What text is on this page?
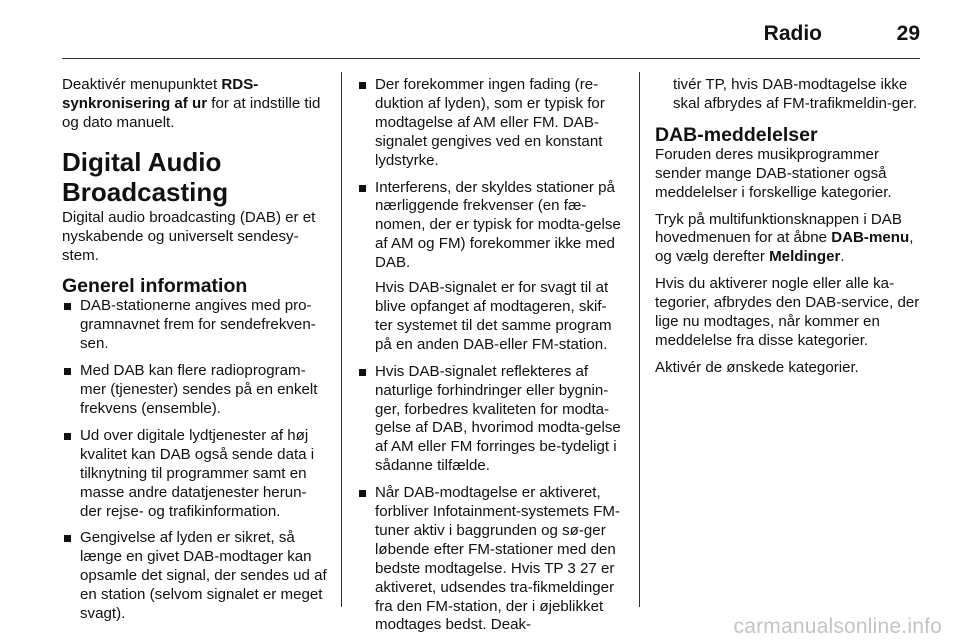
Radio	29

Deaktivér menupunktet RDS-synkronisering af ur for at indstille tid og dato manuelt.

Digital Audio Broadcasting

Digital audio broadcasting (DAB) er et nyskabende og universelt sendesy-stem.

Generel information

DAB-stationerne angives med pro-gramnavnet frem for sendefrekven-sen.

Med DAB kan flere radioprogram-mer (tjenester) sendes på en enkelt frekvens (ensemble).

Ud over digitale lydtjenester af høj kvalitet kan DAB også sende data i tilknytning til programmer samt en masse andre datatjenester herun-der rejse- og trafikinformation.

Gengivelse af lyden er sikret, så længe en givet DAB-modtager kan opsamle det signal, der sendes ud af en station (selvom signalet er meget svagt).

Der forekommer ingen fading (re-duktion af lyden), som er typisk for modtagelse af AM eller FM. DAB-signalet gengives ved en konstant lydstyrke.

Interferens, der skyldes stationer på nærliggende frekvenser (en fæ-nomen, der er typisk for modta-gelse af AM og FM) forekommer ikke med DAB.

Hvis DAB-signalet er for svagt til at blive opfanget af modtageren, skif-ter systemet til det samme program på en anden DAB-eller FM-station.

Hvis DAB-signalet reflekteres af naturlige forhindringer eller bygnin-ger, forbedres kvaliteten for modta-gelse af DAB, hvorimod modta-gelse af AM eller FM forringes be-tydeligt i sådanne tilfælde.

Når DAB-modtagelse er aktiveret, forbliver Infotainment-systemets FM-tuner aktiv i baggrunden og sø-ger løbende efter FM-stationer med den bedste modtagelse. Hvis TP 3 27 er aktiveret, udsendes tra-fikmeldinger fra den FM-station, der i øjeblikket modtages bedst. Deak-

tivér TP, hvis DAB-modtagelse ikke skal afbrydes af FM-trafikmeldin-ger.

DAB-meddelelser

Foruden deres musikprogrammer sender mange DAB-stationer også meddelelser i forskellige kategorier.

Tryk på multifunktionsknappen i DAB hovedmenuen for at åbne DAB-menu, og vælg derefter Meldinger.

Hvis du aktiverer nogle eller alle ka-tegorier, afbrydes den DAB-service, der lige nu modtages, når kommer en meddelelse fra disse kategorier.

Aktivér de ønskede kategorier.

carmanualsonline.info
